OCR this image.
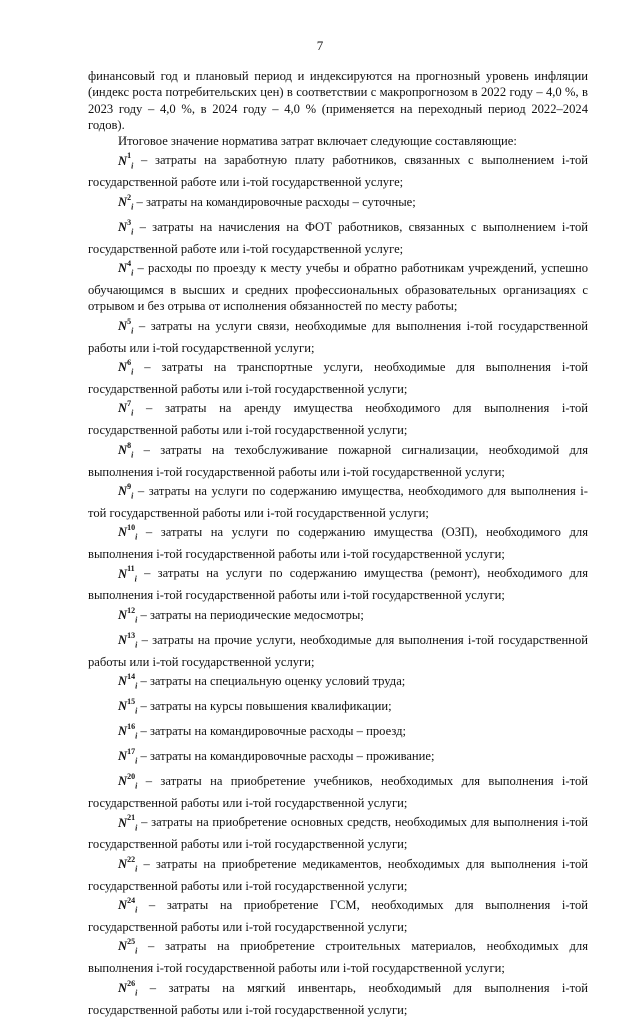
7

финансовый год и плановый период и индексируются на прогнозный уровень инфляции (индекс роста потребительских цен) в соответствии с макропрогнозом в 2022 году – 4,0 %, в 2023 году – 4,0 %, в 2024 году – 4,0 % (применяется на переходный период 2022–2024 годов).

Итоговое значение норматива затрат включает следующие составляющие:

$N^1_i$ – затраты на заработную плату работников, связанных с выполнением i-той государственной работе или i-той государственной услуге;

$N^2_i$ – затраты на командировочные расходы – суточные;

$N^3_i$ – затраты на начисления на ФОТ работников, связанных с выполнением i-той государственной работе или i-той государственной услуге;

$N^4_i$ – расходы по проезду к месту учебы и обратно работникам учреждений, успешно обучающимся в высших и средних профессиональных образовательных организациях с отрывом и без отрыва от исполнения обязанностей по месту работы;

$N^5_i$ – затраты на услуги связи, необходимые для выполнения i-той государственной работы или i-той государственной услуги;

$N^6_i$ – затраты на транспортные услуги, необходимые для выполнения i-той государственной работы или i-той государственной услуги;

$N^7_i$ – затраты на аренду имущества необходимого для выполнения i-той государственной работы или i-той государственной услуги;

$N^8_i$ – затраты на техобслуживание пожарной сигнализации, необходимой для выполнения i-той государственной работы или i-той государственной услуги;

$N^9_i$ – затраты на услуги по содержанию имущества, необходимого для выполнения i-той государственной работы или i-той государственной услуги;

$N^{10}_i$ – затраты на услуги по содержанию имущества (ОЗП), необходимого для выполнения i-той государственной работы или i-той государственной услуги;

$N^{11}_i$ – затраты на услуги по содержанию имущества (ремонт), необходимого для выполнения i-той государственной работы или i-той государственной услуги;

$N^{12}_i$ – затраты на периодические медосмотры;

$N^{13}_i$ – затраты на прочие услуги, необходимые для выполнения i-той государственной работы или i-той государственной услуги;

$N^{14}_i$ – затраты на специальную оценку условий труда;

$N^{15}_i$ – затраты на курсы повышения квалификации;

$N^{16}_i$ – затраты на командировочные расходы – проезд;

$N^{17}_i$ – затраты на командировочные расходы – проживание;

$N^{20}_i$ – затраты на приобретение учебников, необходимых для выполнения i-той государственной работы или i-той государственной услуги;

$N^{21}_i$ – затраты на приобретение основных средств, необходимых для выполнения i-той государственной работы или i-той государственной услуги;

$N^{22}_i$ – затраты на приобретение медикаментов, необходимых для выполнения i-той государственной работы или i-той государственной услуги;

$N^{24}_i$ – затраты на приобретение ГСМ, необходимых для выполнения i-той государственной работы или i-той государственной услуги;

$N^{25}_i$ – затраты на приобретение строительных материалов, необходимых для выполнения i-той государственной работы или i-той государственной услуги;

$N^{26}_i$ – затраты на мягкий инвентарь, необходимый для выполнения i-той государственной работы или i-той государственной услуги;
